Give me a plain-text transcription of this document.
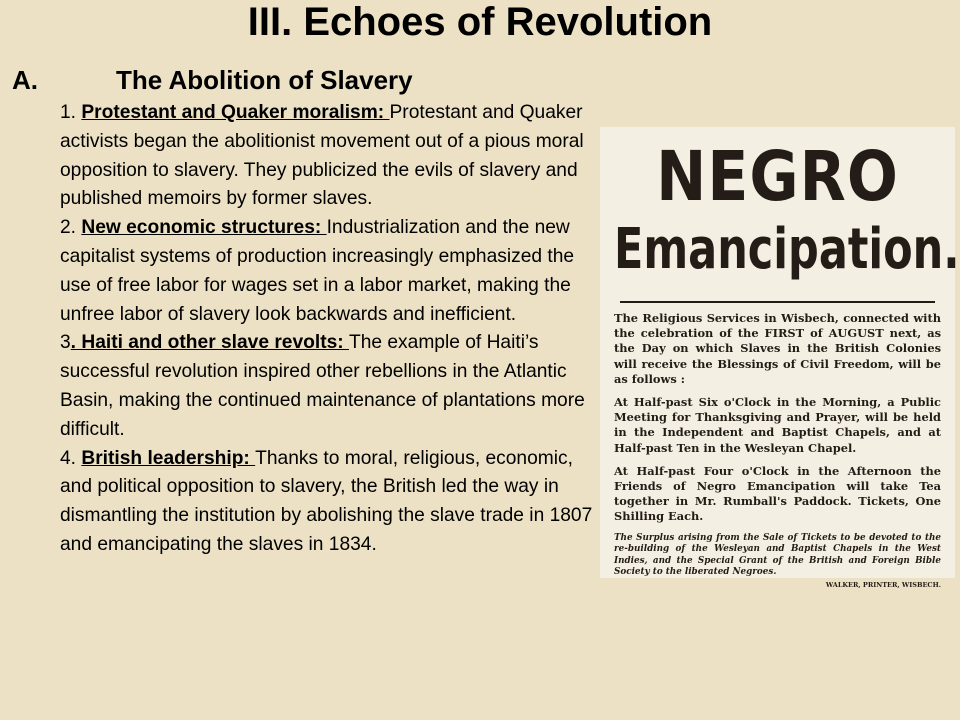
III. Echoes of Revolution
A.	The Abolition of Slavery

1. Protestant and Quaker moralism: Protestant and Quaker activists began the abolitionist movement out of a pious moral opposition to slavery. They publicized the evils of slavery and published memoirs by former slaves.

2. New economic structures: Industrialization and the new capitalist systems of production increasingly emphasized the use of free labor for wages set in a labor market, making the unfree labor of slavery look backwards and inefficient.

3. Haiti and other slave revolts: The example of Haiti’s successful revolution inspired other rebellions in the Atlantic Basin, making the continued maintenance of plantations more difficult.

4. British leadership: Thanks to moral, religious, economic, and political opposition to slavery, the British led the way in dismantling the institution by abolishing the slave trade in 1807 and emancipating the slaves in 1834.

NEGRO
Emancipation.

The Religious Services in Wisbech, connected with the celebration of the FIRST of AUGUST next, as the Day on which Slaves in the British Colonies will receive the Blessings of Civil Freedom, will be as follows :

At Half-past Six o'Clock in the Morning, a Public Meeting for Thanksgiving and Prayer, will be held in the Independent and Baptist Chapels, and at Half-past Ten in the Wesleyan Chapel.

At Half-past Four o'Clock in the Afternoon the Friends of Negro Emancipation will take Tea together in Mr. Rumball's Paddock. Tickets, One Shilling Each.

The Surplus arising from the Sale of Tickets to be devoted to the re-building of the Wesleyan and Baptist Chapels in the West Indies, and the Special Grant of the British and Foreign Bible Society to the liberated Negroes.

WALKER, PRINTER, WISBECH.
